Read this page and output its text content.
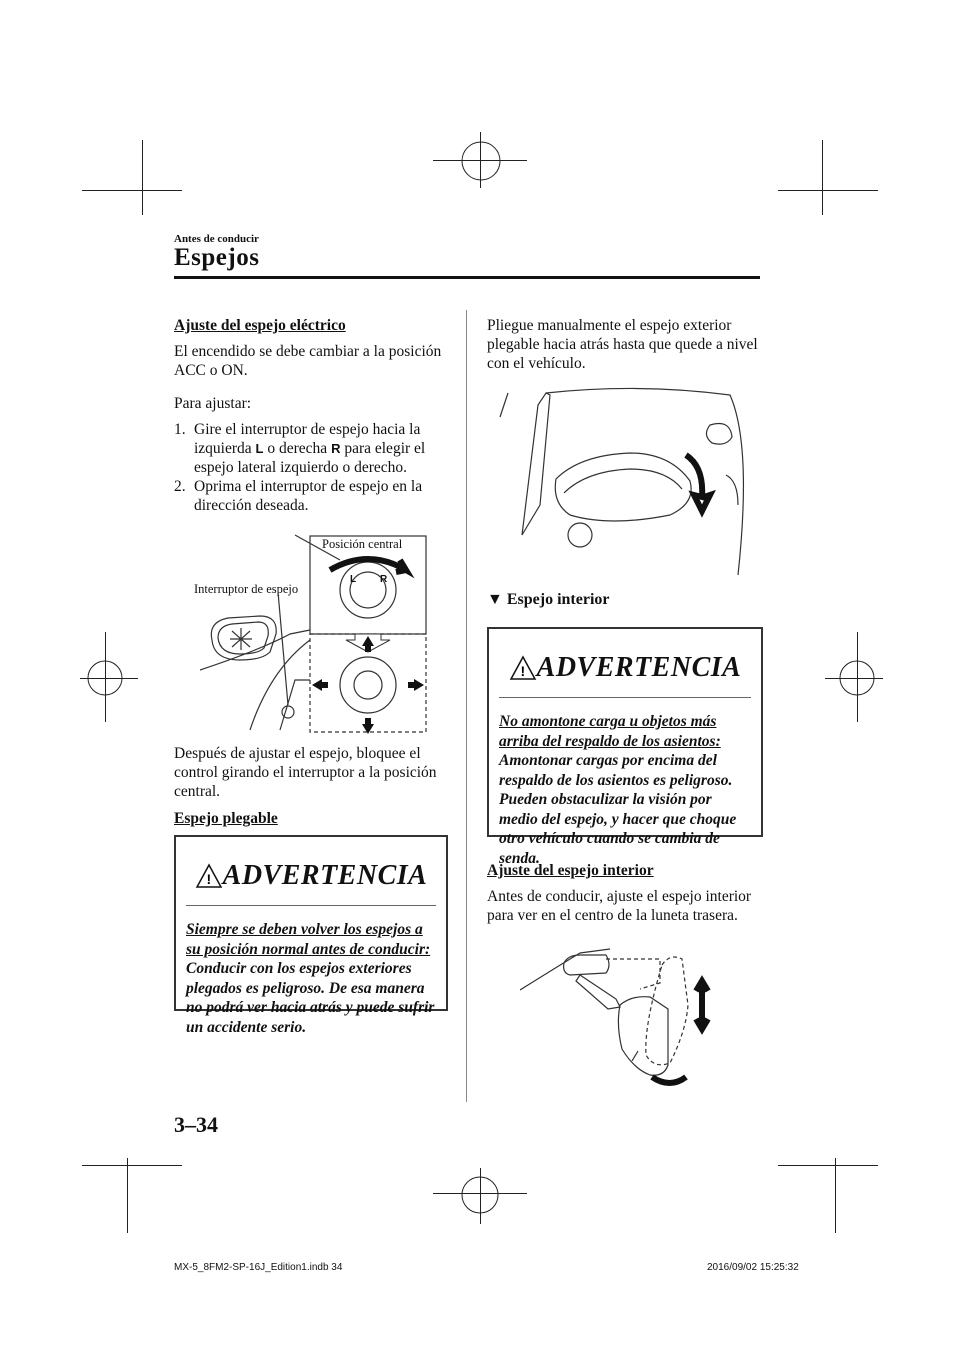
Antes de conducir
Espejos

Ajuste del espejo eléctrico

El encendido se debe cambiar a la posición ACC o ON.

Para ajustar:

1. Gire el interruptor de espejo hacia la izquierda L o derecha R para elegir el espejo lateral izquierdo o derecho.
2. Oprima el interruptor de espejo en la dirección deseada.
Posición central
Interruptor de espejo
L R

Después de ajustar el espejo, bloquee el control girando el interruptor a la posición central.

Espejo plegable

! ADVERTENCIA
Siempre se deben volver los espejos a su posición normal antes de conducir: Conducir con los espejos exteriores plegados es peligroso. De esa manera no podrá ver hacia atrás y puede sufrir un accidente serio.

Pliegue manualmente el espejo exterior plegable hacia atrás hasta que quede a nivel con el vehículo.

▼ Espejo interior
! ADVERTENCIA
No amontone carga u objetos más arriba del respaldo de los asientos: Amontonar cargas por encima del respaldo de los asientos es peligroso. Pueden obstaculizar la visión por medio del espejo, y hacer que choque otro vehículo cuando se cambia de senda.

Ajuste del espejo interior

Antes de conducir, ajuste el espejo interior para ver en el centro de la luneta trasera.

3–34
MX-5_8FM2-SP-16J_Edition1.indb 34	2016/09/02 15:25:32
